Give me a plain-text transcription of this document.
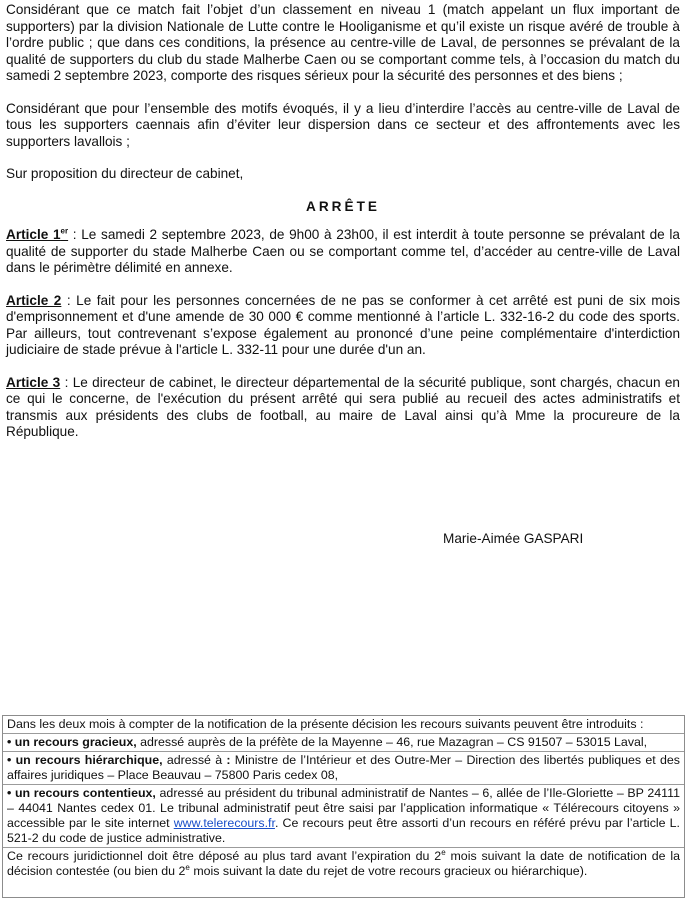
Considérant que ce match fait l’objet d’un classement en niveau 1 (match appelant un flux important de supporters) par la division Nationale de Lutte contre le Hooliganisme et qu’il existe un risque avéré de trouble à l’ordre public ; que dans ces conditions, la présence au centre-ville de Laval, de personnes se prévalant de la qualité de supporters du club du stade Malherbe Caen ou se comportant comme tels, à l’occasion du match du samedi 2 septembre 2023, comporte des risques sérieux pour la sécurité des personnes et des biens ;

Considérant que pour l’ensemble des motifs évoqués, il y a lieu d’interdire l’accès au centre-ville de Laval de tous les supporters caennais afin d’éviter leur dispersion dans ce secteur et des affrontements avec les supporters lavallois ;

Sur proposition du directeur de cabinet,

ARRÊTE

Article 1er : Le samedi 2 septembre 2023, de 9h00 à 23h00, il est interdit à toute personne se prévalant de la qualité de supporter du stade Malherbe Caen ou se comportant comme tel, d’accéder au centre-ville de Laval dans le périmètre délimité en annexe.

Article 2 : Le fait pour les personnes concernées de ne pas se conformer à cet arrêté est puni de six mois d'emprisonnement et d'une amende de 30 000 € comme mentionné à l’article L. 332-16-2 du code des sports. Par ailleurs, tout contrevenant s’expose également au prononcé d’une peine complémentaire d'interdiction judiciaire de stade prévue à l'article L. 332-11 pour une durée d'un an.

Article 3 : Le directeur de cabinet, le directeur départemental de la sécurité publique, sont chargés, chacun en ce qui le concerne, de l'exécution du présent arrêté qui sera publié au recueil des actes administratifs et transmis aux présidents des clubs de football, au maire de Laval ainsi qu’à Mme la procureure de la République.

Marie-Aimée GASPARI
Dans les deux mois à compter de la notification de la présente décision les recours suivants peuvent être introduits :
• un recours gracieux, adressé auprès de la préfète de la Mayenne – 46, rue Mazagran – CS 91507 – 53015 Laval,
• un recours hiérarchique, adressé à : Ministre de l’Intérieur et des Outre-Mer – Direction des libertés publiques et des affaires juridiques – Place Beauvau – 75800 Paris cedex 08,
• un recours contentieux, adressé au président du tribunal administratif de Nantes – 6, allée de l’Ile-Gloriette – BP 24111 – 44041 Nantes cedex 01. Le tribunal administratif peut être saisi par l’application informatique « Télérecours citoyens » accessible par le site internet www.telerecours.fr. Ce recours peut être assorti d’un recours en référé prévu par l’article L. 521-2 du code de justice administrative.
Ce recours juridictionnel doit être déposé au plus tard avant l’expiration du 2e mois suivant la date de notification de la décision contestée (ou bien du 2e mois suivant la date du rejet de votre recours gracieux ou hiérarchique).
